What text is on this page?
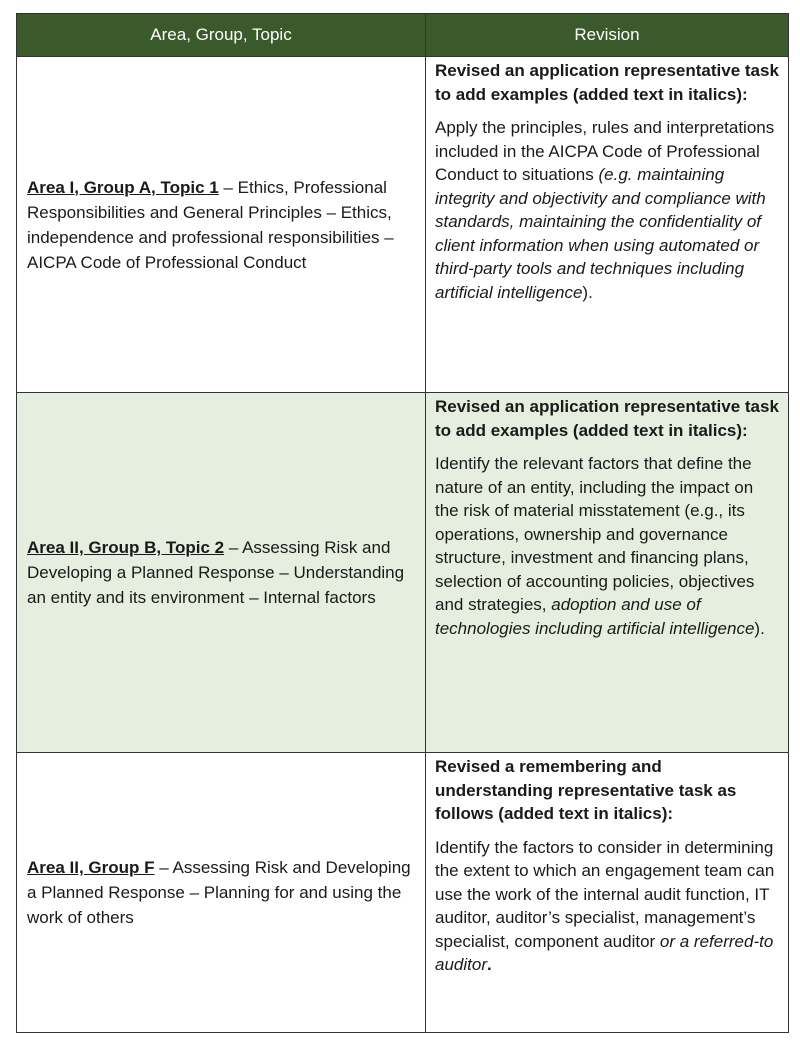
Area, Group, Topic	Revision
Area I, Group A, Topic 1 – Ethics, Professional Responsibilities and General Principles – Ethics, independence and professional responsibilities – AICPA Code of Professional Conduct	Revised an application representative task to add examples (added text in italics):
Apply the principles, rules and interpretations included in the AICPA Code of Professional Conduct to situations (e.g. maintaining integrity and objectivity and compliance with standards, maintaining the confidentiality of client information when using automated or third-party tools and techniques including artificial intelligence).

Area II, Group B, Topic 2 – Assessing Risk and Developing a Planned Response – Understanding an entity and its environment – Internal factors	Revised an application representative task to add examples (added text in italics):
Identify the relevant factors that define the nature of an entity, including the impact on the risk of material misstatement (e.g., its operations, ownership and governance structure, investment and financing plans, selection of accounting policies, objectives and strategies, adoption and use of technologies including artificial intelligence).

Area II, Group F – Assessing Risk and Developing a Planned Response – Planning for and using the work of others	Revised a remembering and understanding representative task as follows (added text in italics):
Identify the factors to consider in determining the extent to which an engagement team can use the work of the internal audit function, IT auditor, auditor’s specialist, management’s specialist, component auditor or a referred-to auditor.
